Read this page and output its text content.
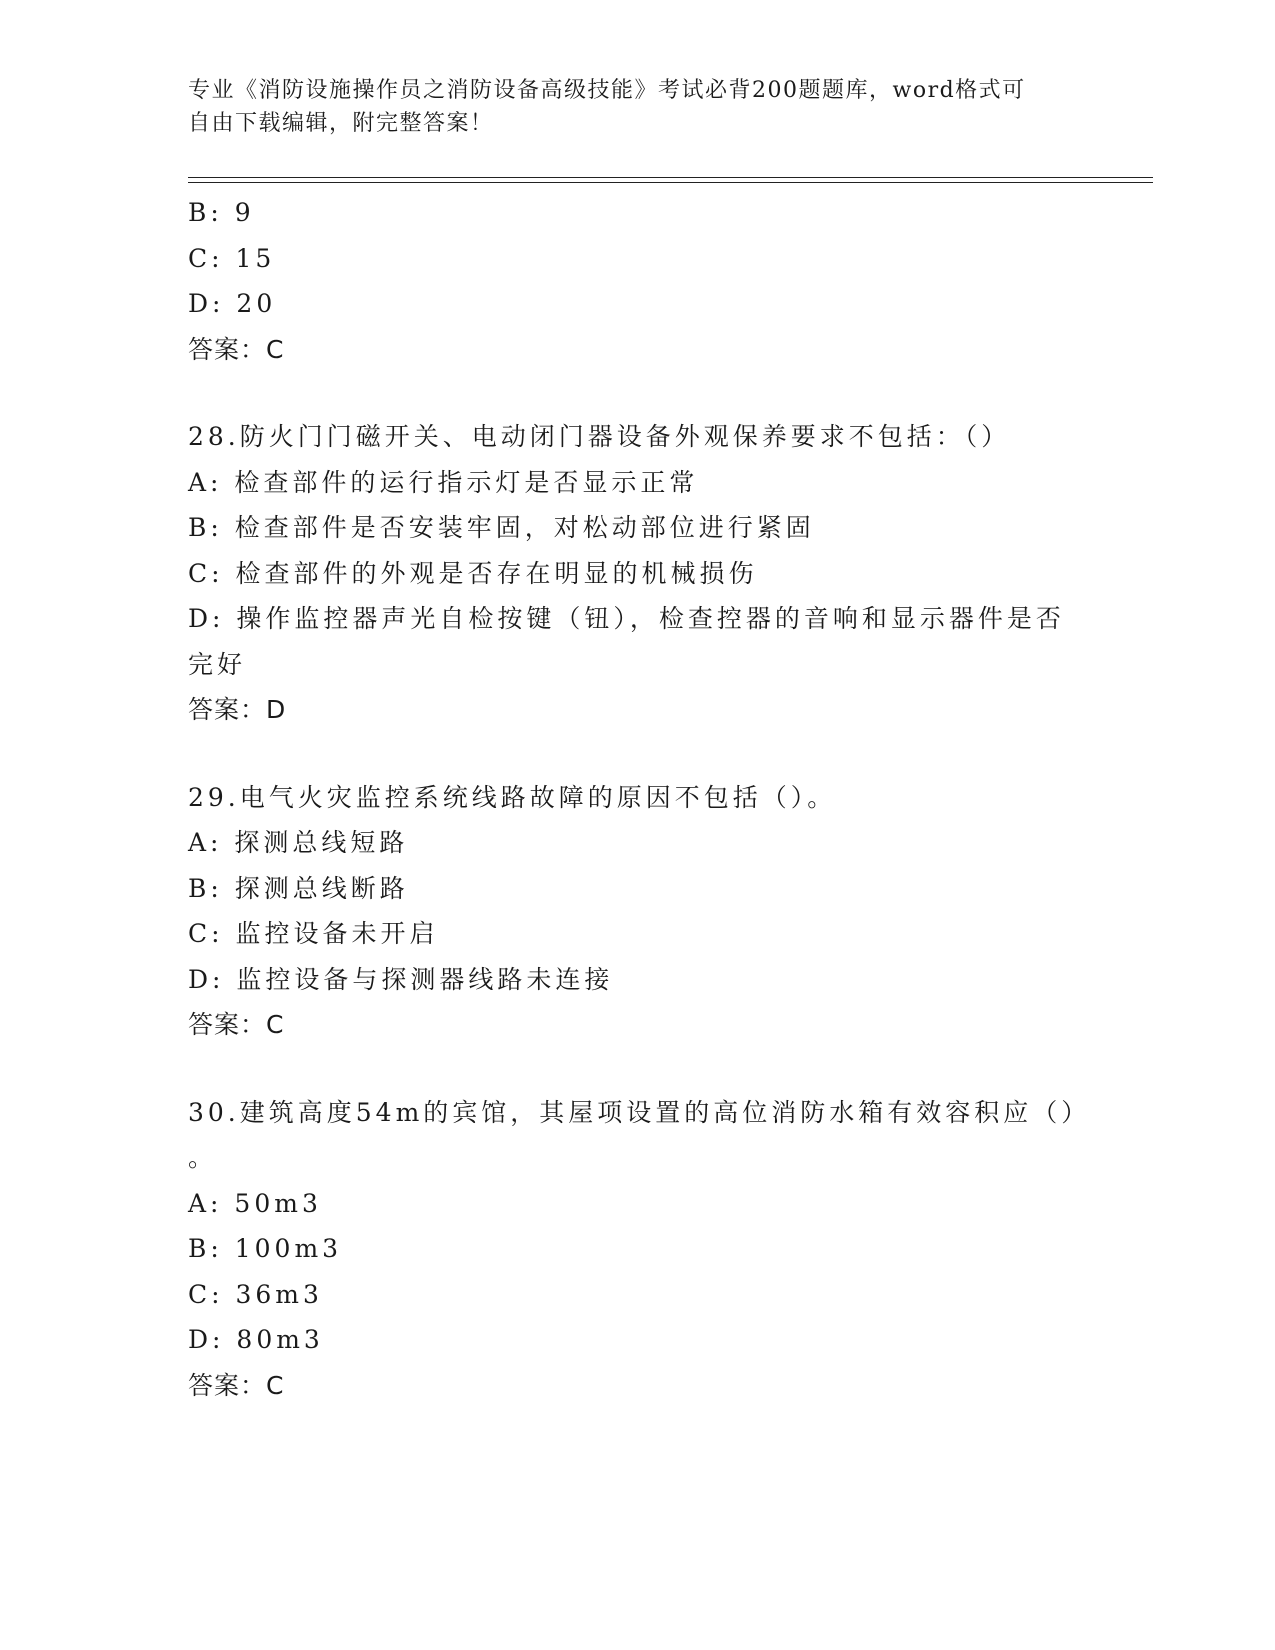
专业《消防设施操作员之消防设备高级技能》考试必背200题题库，word格式可
自由下载编辑，附完整答案！
B: 9
C: 15
D: 20
答案：C
28.防火门门磁开关、电动闭门器设备外观保养要求不包括：（）
A: 检查部件的运行指示灯是否显示正常
B: 检查部件是否安装牢固，对松动部位进行紧固
C: 检查部件的外观是否存在明显的机械损伤
D: 操作监控器声光自检按键（钮），检查控器的音响和显示器件是否
完好
答案：D
29.电气火灾监控系统线路故障的原因不包括（）。
A: 探测总线短路
B: 探测总线断路
C: 监控设备未开启
D: 监控设备与探测器线路未连接
答案：C
30.建筑高度54m的宾馆，其屋项设置的高位消防水箱有效容积应（）
。
A: 50m3
B: 100m3
C: 36m3
D: 80m3
答案：C
